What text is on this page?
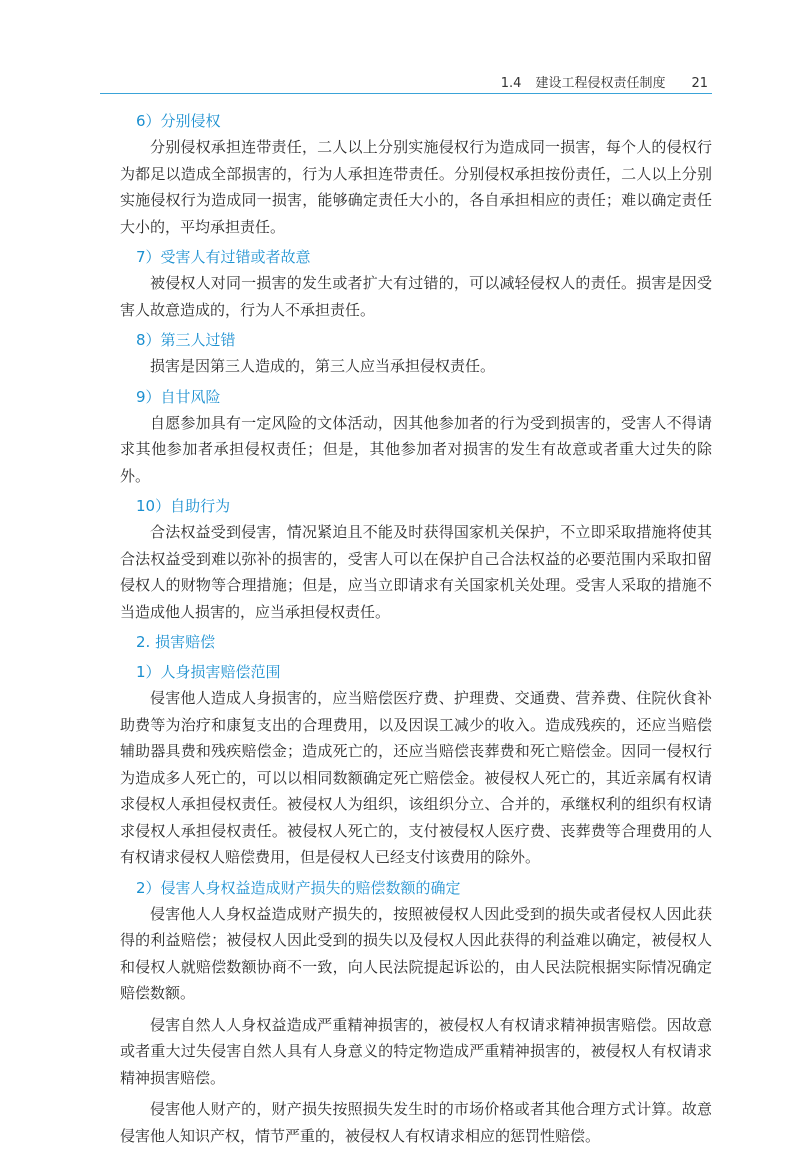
1.4 建设工程侵权责任制度 21
6）分别侵权

分别侵权承担连带责任，二人以上分别实施侵权行为造成同一损害，每个人的侵权行为都足以造成全部损害的，行为人承担连带责任。分别侵权承担按份责任，二人以上分别实施侵权行为造成同一损害，能够确定责任大小的，各自承担相应的责任；难以确定责任大小的，平均承担责任。

7）受害人有过错或者故意

被侵权人对同一损害的发生或者扩大有过错的，可以减轻侵权人的责任。损害是因受害人故意造成的，行为人不承担责任。

8）第三人过错

损害是因第三人造成的，第三人应当承担侵权责任。

9）自甘风险

自愿参加具有一定风险的文体活动，因其他参加者的行为受到损害的，受害人不得请求其他参加者承担侵权责任；但是，其他参加者对损害的发生有故意或者重大过失的除外。

10）自助行为

合法权益受到侵害，情况紧迫且不能及时获得国家机关保护，不立即采取措施将使其合法权益受到难以弥补的损害的，受害人可以在保护自己合法权益的必要范围内采取扣留侵权人的财物等合理措施；但是，应当立即请求有关国家机关处理。受害人采取的措施不当造成他人损害的，应当承担侵权责任。

2. 损害赔偿
1）人身损害赔偿范围

侵害他人造成人身损害的，应当赔偿医疗费、护理费、交通费、营养费、住院伙食补助费等为治疗和康复支出的合理费用，以及因误工减少的收入。造成残疾的，还应当赔偿辅助器具费和残疾赔偿金；造成死亡的，还应当赔偿丧葬费和死亡赔偿金。因同一侵权行为造成多人死亡的，可以以相同数额确定死亡赔偿金。被侵权人死亡的，其近亲属有权请求侵权人承担侵权责任。被侵权人为组织，该组织分立、合并的，承继权利的组织有权请求侵权人承担侵权责任。被侵权人死亡的，支付被侵权人医疗费、丧葬费等合理费用的人有权请求侵权人赔偿费用，但是侵权人已经支付该费用的除外。

2）侵害人身权益造成财产损失的赔偿数额的确定

侵害他人人身权益造成财产损失的，按照被侵权人因此受到的损失或者侵权人因此获得的利益赔偿；被侵权人因此受到的损失以及侵权人因此获得的利益难以确定，被侵权人和侵权人就赔偿数额协商不一致，向人民法院提起诉讼的，由人民法院根据实际情况确定赔偿数额。

侵害自然人人身权益造成严重精神损害的，被侵权人有权请求精神损害赔偿。因故意或者重大过失侵害自然人具有人身意义的特定物造成严重精神损害的，被侵权人有权请求精神损害赔偿。

侵害他人财产的，财产损失按照损失发生时的市场价格或者其他合理方式计算。故意侵害他人知识产权，情节严重的，被侵权人有权请求相应的惩罚性赔偿。
